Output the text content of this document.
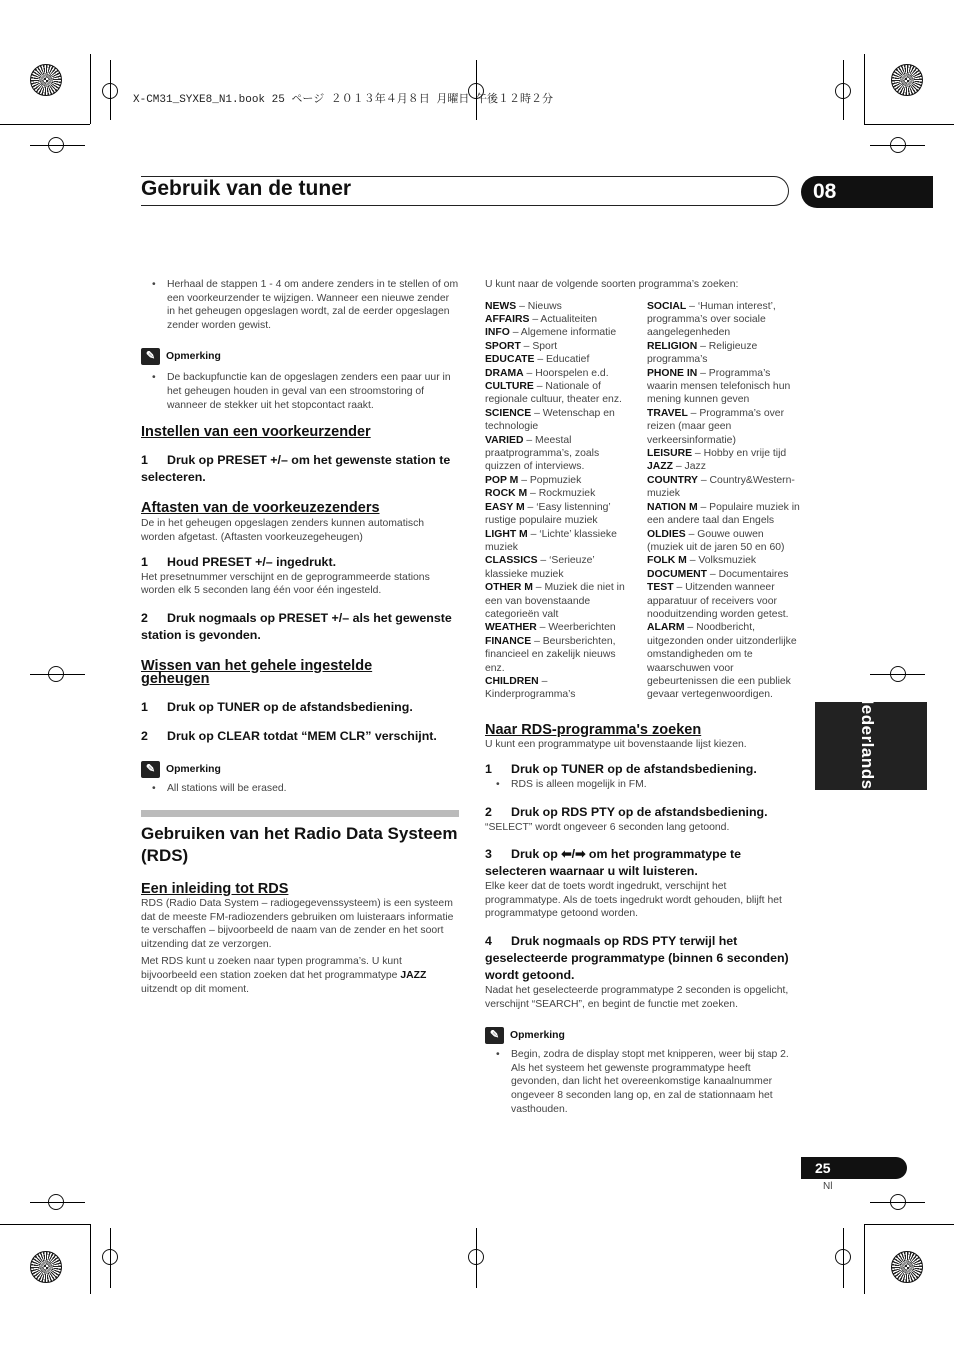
X-CM31_SYXE8_N1.book 25 ページ ２０１３年４月８日 月曜日 午後１２時２分
Gebruik van de tuner	08
Nederlands

• Herhaal de stappen 1 - 4 om andere zenders in te stellen of om een voorkeurzender te wijzigen. Wanneer een nieuwe zender in het geheugen opgeslagen wordt, zal de eerder opgeslagen zender worden gewist.

✎	Opmerking

• De backupfunctie kan de opgeslagen zenders een paar uur in het geheugen houden in geval van een stroomstoring of wanneer de stekker uit het stopcontact raakt.

Instellen van een voorkeurzender

1 Druk op PRESET +/– om het gewenste station te selecteren.

Aftasten van de voorkeuzezenders

De in het geheugen opgeslagen zenders kunnen automatisch worden afgetast. (Aftasten voorkeuzegeheugen)

1 Houd PRESET +/– ingedrukt.

Het presetnummer verschijnt en de geprogrammeerde stations worden elk 5 seconden lang één voor één ingesteld.

2 Druk nogmaals op PRESET +/– als het gewenste station is gevonden.

Wissen van het gehele ingestelde geheugen

1 Druk op TUNER op de afstandsbediening.

2 Druk op CLEAR totdat “MEM CLR” verschijnt.

✎	Opmerking

• All stations will be erased.

Gebruiken van het Radio Data Systeem (RDS)

Een inleiding tot RDS

RDS (Radio Data System – radiogegevenssysteem) is een systeem dat de meeste FM-radiozenders gebruiken om luisteraars informatie te verschaffen – bijvoorbeeld de naam van de zender en het soort uitzending dat ze verzorgen.

Met RDS kunt u zoeken naar typen programma’s. U kunt bijvoorbeeld een station zoeken dat het programmatype JAZZ uitzendt op dit moment.

U kunt naar de volgende soorten programma’s zoeken:

NEWS – Nieuws

AFFAIRS – Actualiteiten

INFO – Algemene informatie

SPORT – Sport

EDUCATE – Educatief

DRAMA – Hoorspelen e.d.

CULTURE – Nationale of regionale cultuur, theater enz.

SCIENCE – Wetenschap en technologie

VARIED – Meestal praatprogramma’s, zoals quizzen of interviews.

POP M – Popmuziek

ROCK M – Rockmuziek

EASY M – ‘Easy listenning’ rustige populaire muziek

LIGHT M – ‘Lichte’ klassieke muziek

CLASSICS – ‘Serieuze’ klassieke muziek

OTHER M – Muziek die niet in een van bovenstaande categorieën valt

WEATHER – Weerberichten

FINANCE – Beursberichten, financieel en zakelijk nieuws enz.

CHILDREN – Kinderprogramma’s

SOCIAL – ‘Human interest’, programma’s over sociale aangelegenheden

RELIGION – Religieuze programma’s

PHONE IN – Programma’s waarin mensen telefonisch hun mening kunnen geven

TRAVEL – Programma’s over reizen (maar geen verkeersinformatie)

LEISURE – Hobby en vrije tijd

JAZZ – Jazz

COUNTRY – Country&Western-muziek

NATION M – Populaire muziek in een andere taal dan Engels

OLDIES – Gouwe ouwen (muziek uit de jaren 50 en 60)

FOLK M – Volksmuziek

DOCUMENT – Documentaires

TEST – Uitzenden wanneer apparatuur of receivers voor nooduitzending worden getest.

ALARM – Noodbericht, uitgezonden onder uitzonderlijke omstandigheden om te waarschuwen voor gebeurtenissen die een publiek gevaar vertegenwoordigen.

Naar RDS-programma's zoeken

U kunt een programmatype uit bovenstaande lijst kiezen.

1 Druk op TUNER op de afstandsbediening.

• RDS is alleen mogelijk in FM.

2 Druk op RDS PTY op de afstandsbediening.

“SELECT” wordt ongeveer 6 seconden lang getoond.

3 Druk op ⬅/➡ om het programmatype te selecteren waarnaar u wilt luisteren.

Elke keer dat de toets wordt ingedrukt, verschijnt het programmatype. Als de toets ingedrukt wordt gehouden, blijft het programmatype getoond worden.

4 Druk nogmaals op RDS PTY terwijl het geselecteerde programmatype (binnen 6 seconden) wordt getoond.

Nadat het geselecteerde programmatype 2 seconden is opgelicht, verschijnt “SEARCH”, en begint de functie met zoeken.

✎	Opmerking

• Begin, zodra de display stopt met knipperen, weer bij stap 2. Als het systeem het gewenste programmatype heeft gevonden, dan licht het overeenkomstige kanaalnummer ongeveer 8 seconden lang op, en zal de stationnaam het vasthouden.

25
Nl
